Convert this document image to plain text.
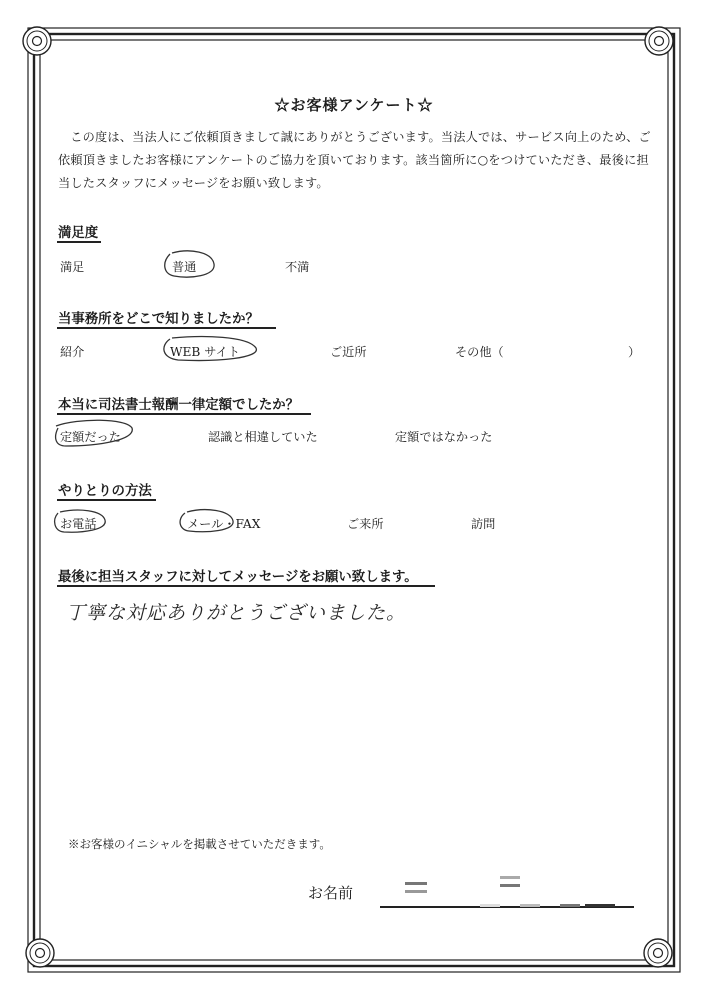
☆お客様アンケート☆

この度は、当法人にご依頼頂きまして誠にありがとうございます。当法人では、サービス向上のため、ご依頼頂きましたお客様にアンケートのご協力を頂いております。該当箇所に○をつけていただき、最後に担当したスタッフにメッセージをお願い致します。

満足度
満足	普通	不満
当事務所をどこで知りましたか？
紹介	WEB サイト	ご近所	その他（	）
本当に司法書士報酬一律定額でしたか？
定額だった	認識と相違していた	定額ではなかった
やりとりの方法
お電話	メール・FAX	ご来所	訪問
最後に担当スタッフに対してメッセージをお願い致します。
丁寧な対応ありがとうございました。
※お客様のイニシャルを掲載させていただきます。
お名前
